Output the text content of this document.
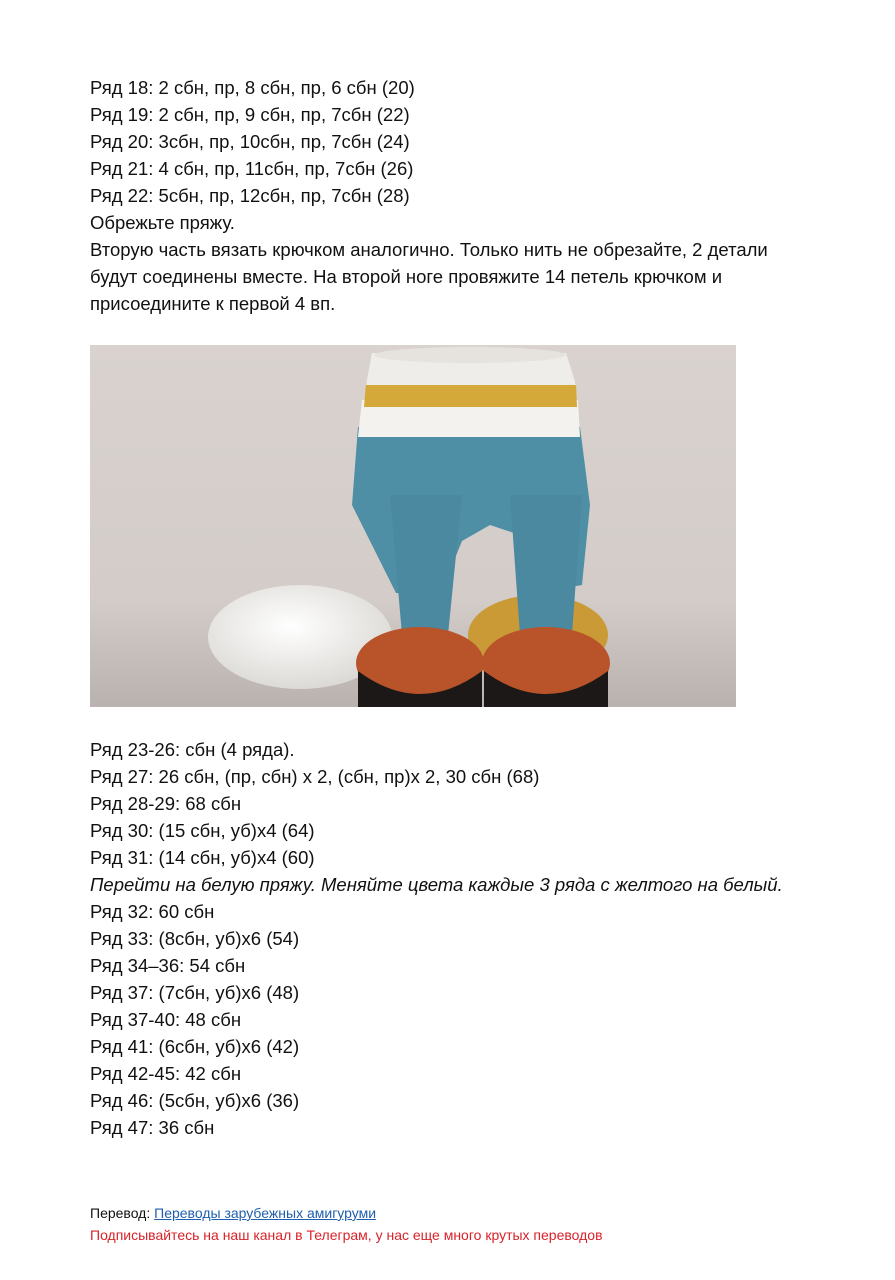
Ряд 18: 2 сбн, пр, 8 сбн, пр, 6 сбн (20)
Ряд 19: 2 сбн, пр, 9 сбн, пр, 7сбн (22)
Ряд 20: 3сбн, пр, 10сбн, пр, 7сбн (24)
Ряд 21: 4 сбн, пр, 11сбн, пр, 7сбн (26)
Ряд 22: 5сбн, пр, 12сбн, пр, 7сбн (28)
Обрежьте пряжу.
Вторую часть вязать крючком аналогично. Только нить не обрезайте, 2 детали будут соединены вместе. На второй ноге провяжите 14 петель крючком и присоедините к первой 4 вп.
Ряд 23-26: сбн (4 ряда).
Ряд 27: 26 сбн, (пр, сбн) х 2, (сбн, пр)х 2, 30 сбн (68)
Ряд 28-29: 68 сбн
Ряд 30: (15 сбн, уб)х4 (64)
Ряд 31: (14 сбн, уб)х4 (60)
Перейти на белую пряжу. Меняйте цвета каждые 3 ряда с желтого на белый.
Ряд 32: 60 сбн
Ряд 33: (8сбн, уб)х6 (54)
Ряд 34–36: 54 сбн
Ряд 37: (7сбн, уб)х6 (48)
Ряд 37-40: 48 сбн
Ряд 41: (6сбн, уб)х6 (42)
Ряд 42-45: 42 сбн
Ряд 46: (5сбн, уб)х6 (36)
Ряд 47: 36 сбн
Перевод: Переводы зарубежных амигуруми
Подписывайтесь на наш канал в Телеграм, у нас еще много крутых переводов
